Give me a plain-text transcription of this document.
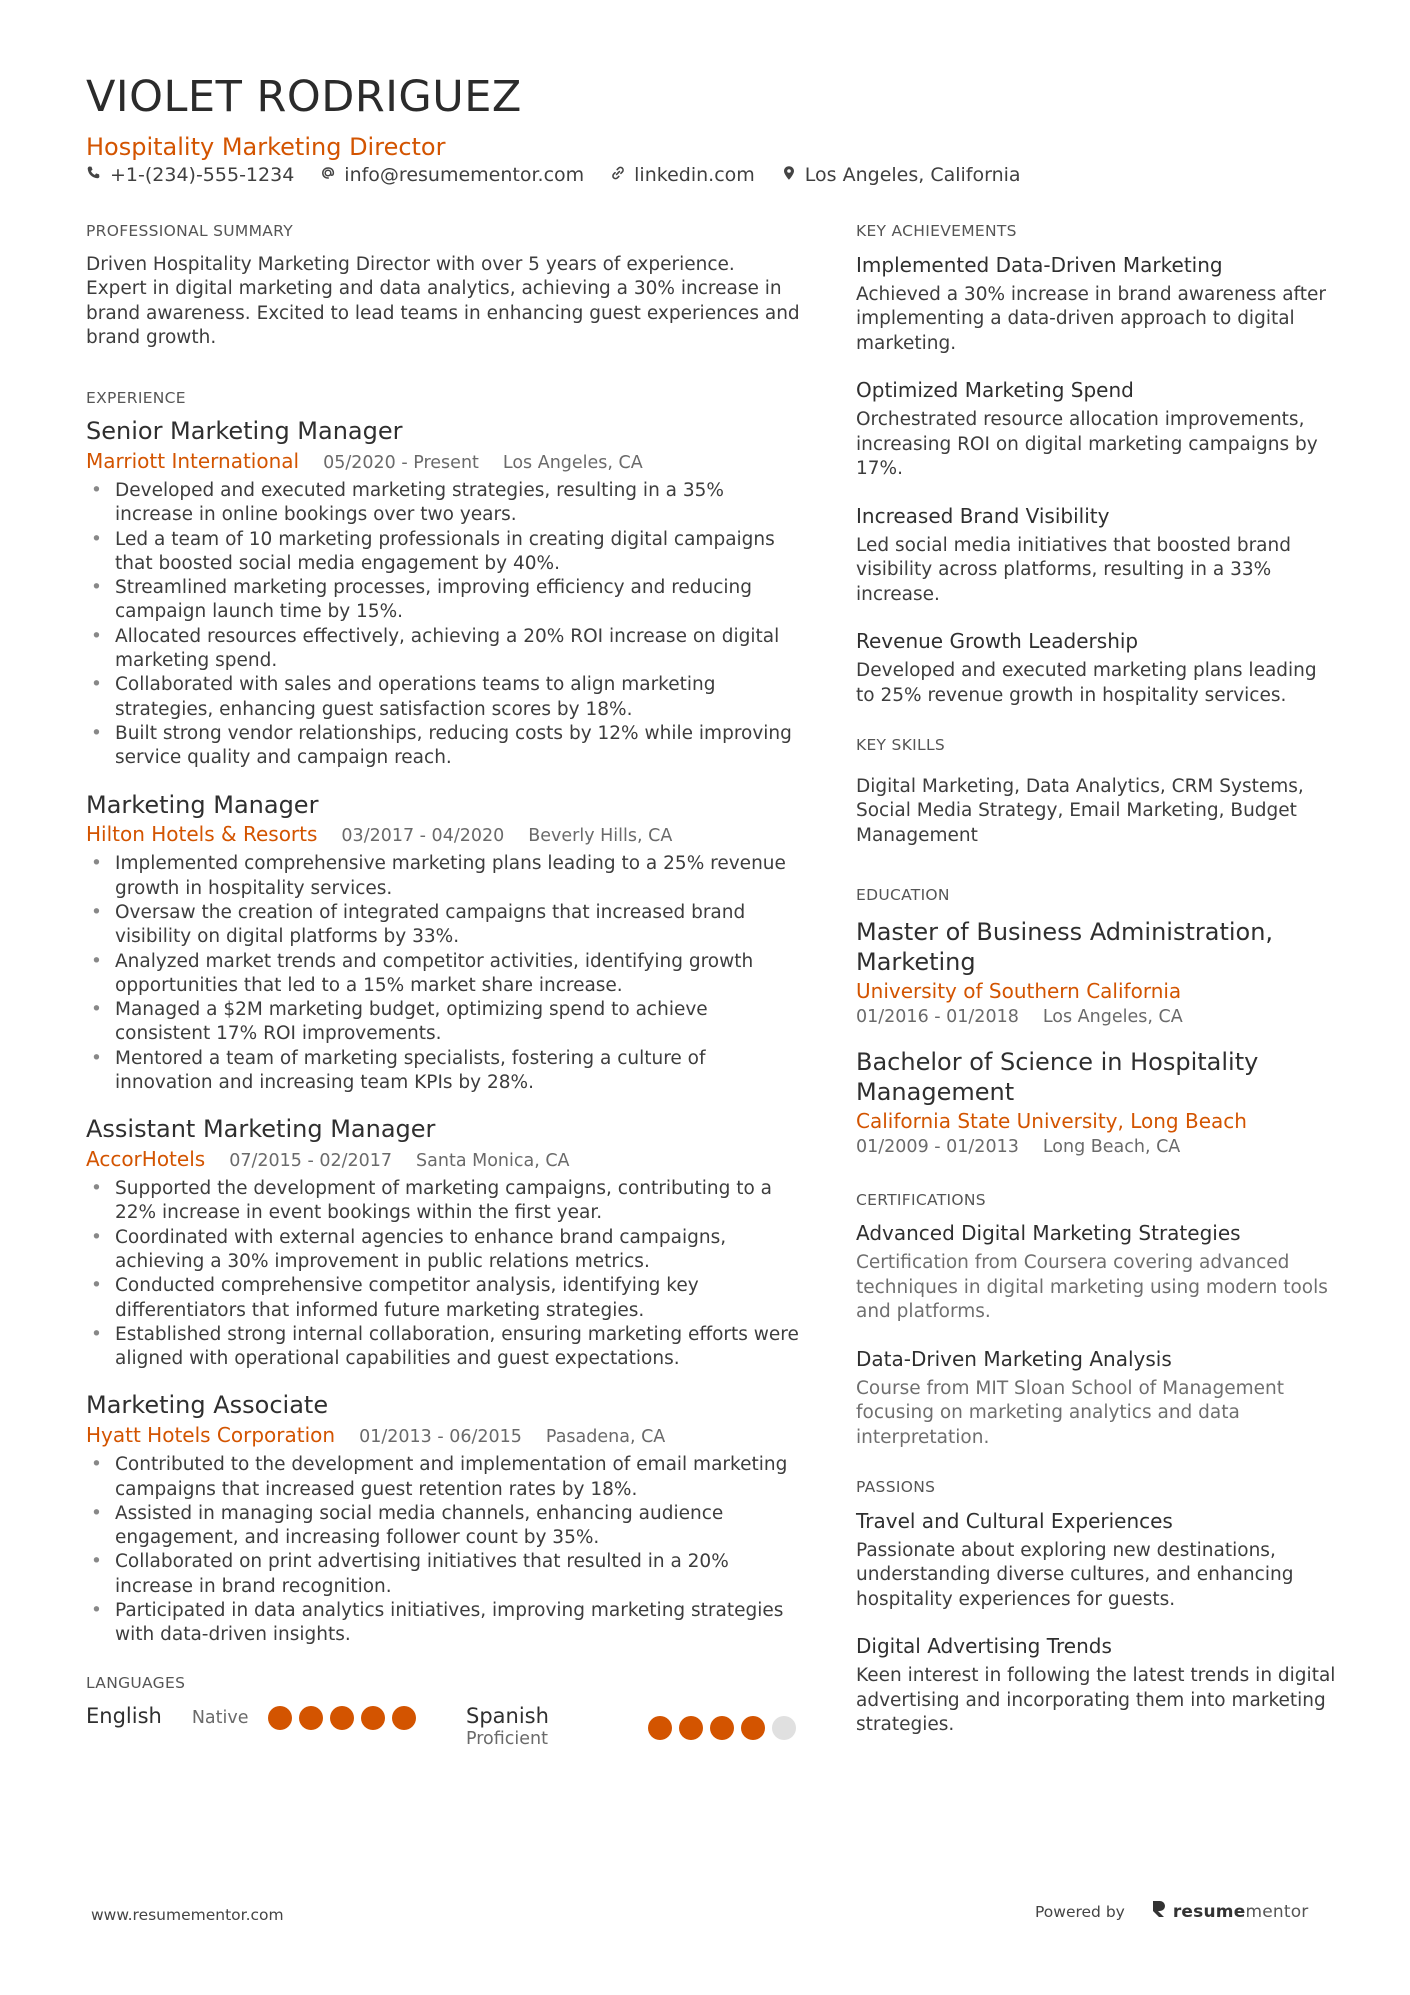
VIOLET RODRIGUEZ
Hospitality Marketing Director
+1-(234)-555-1234	info@resumementor.com	linkedin.com	Los Angeles, California
PROFESSIONAL SUMMARY

Driven Hospitality Marketing Director with over 5 years of experience. Expert in digital marketing and data analytics, achieving a 30% increase in brand awareness. Excited to lead teams in enhancing guest experiences and brand growth.

EXPERIENCE
Senior Marketing Manager
Marriott International 05/2020 - Present Los Angeles, CA
• Developed and executed marketing strategies, resulting in a 35% increase in online bookings over two years.
• Led a team of 10 marketing professionals in creating digital campaigns that boosted social media engagement by 40%.
• Streamlined marketing processes, improving efficiency and reducing campaign launch time by 15%.
• Allocated resources effectively, achieving a 20% ROI increase on digital marketing spend.
• Collaborated with sales and operations teams to align marketing strategies, enhancing guest satisfaction scores by 18%.
• Built strong vendor relationships, reducing costs by 12% while improving service quality and campaign reach.
Marketing Manager
Hilton Hotels & Resorts 03/2017 - 04/2020 Beverly Hills, CA
• Implemented comprehensive marketing plans leading to a 25% revenue growth in hospitality services.
• Oversaw the creation of integrated campaigns that increased brand visibility on digital platforms by 33%.
• Analyzed market trends and competitor activities, identifying growth opportunities that led to a 15% market share increase.
• Managed a $2M marketing budget, optimizing spend to achieve consistent 17% ROI improvements.
• Mentored a team of marketing specialists, fostering a culture of innovation and increasing team KPIs by 28%.
Assistant Marketing Manager
AccorHotels 07/2015 - 02/2017 Santa Monica, CA
• Supported the development of marketing campaigns, contributing to a 22% increase in event bookings within the first year.
• Coordinated with external agencies to enhance brand campaigns, achieving a 30% improvement in public relations metrics.
• Conducted comprehensive competitor analysis, identifying key differentiators that informed future marketing strategies.
• Established strong internal collaboration, ensuring marketing efforts were aligned with operational capabilities and guest expectations.
Marketing Associate
Hyatt Hotels Corporation 01/2013 - 06/2015 Pasadena, CA
• Contributed to the development and implementation of email marketing campaigns that increased guest retention rates by 18%.
• Assisted in managing social media channels, enhancing audience engagement, and increasing follower count by 35%.
• Collaborated on print advertising initiatives that resulted in a 20% increase in brand recognition.
• Participated in data analytics initiatives, improving marketing strategies with data-driven insights.
LANGUAGES
English Native	Spanish
Proficient
KEY ACHIEVEMENTS
Implemented Data-Driven Marketing

Achieved a 30% increase in brand awareness after implementing a data-driven approach to digital marketing.

Optimized Marketing Spend

Orchestrated resource allocation improvements, increasing ROI on digital marketing campaigns by 17%.

Increased Brand Visibility

Led social media initiatives that boosted brand visibility across platforms, resulting in a 33% increase.

Revenue Growth Leadership

Developed and executed marketing plans leading to 25% revenue growth in hospitality services.

KEY SKILLS

Digital Marketing, Data Analytics, CRM Systems, Social Media Strategy, Email Marketing, Budget Management

EDUCATION
Master of Business Administration, Marketing
University of Southern California
01/2016 - 01/2018 Los Angeles, CA
Bachelor of Science in Hospitality Management
California State University, Long Beach
01/2009 - 01/2013 Long Beach, CA
CERTIFICATIONS
Advanced Digital Marketing Strategies

Certification from Coursera covering advanced techniques in digital marketing using modern tools and platforms.

Data-Driven Marketing Analysis

Course from MIT Sloan School of Management focusing on marketing analytics and data interpretation.

PASSIONS
Travel and Cultural Experiences

Passionate about exploring new destinations, understanding diverse cultures, and enhancing hospitality experiences for guests.

Digital Advertising Trends

Keen interest in following the latest trends in digital advertising and incorporating them into marketing strategies.

www.resumementor.com	Powered by	resume mentor
